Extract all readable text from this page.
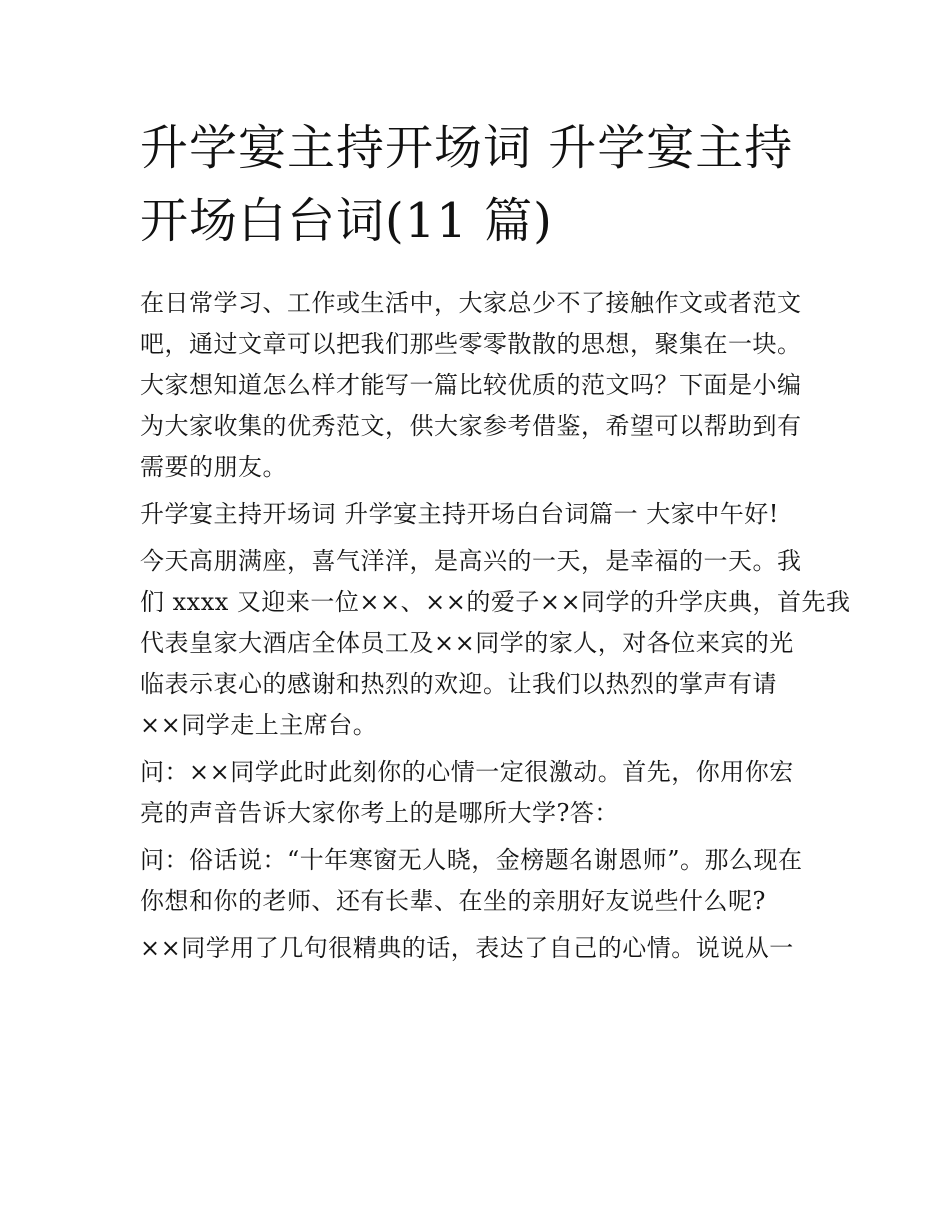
升学宴主持开场词 升学宴主持
开场白台词(11 篇)

在日常学习、工作或生活中，大家总少不了接触作文或者范文
吧，通过文章可以把我们那些零零散散的思想，聚集在一块。
大家想知道怎么样才能写一篇比较优质的范文吗？下面是小编
为大家收集的优秀范文，供大家参考借鉴，希望可以帮助到有
需要的朋友。

升学宴主持开场词 升学宴主持开场白台词篇一 大家中午好!

今天高朋满座，喜气洋洋，是高兴的一天，是幸福的一天。我
们 xxxx 又迎来一位××、××的爱子××同学的升学庆典，首先我
代表皇家大酒店全体员工及××同学的家人，对各位来宾的光
临表示衷心的感谢和热烈的欢迎。让我们以热烈的掌声有请
××同学走上主席台。

问：××同学此时此刻你的心情一定很激动。首先，你用你宏
亮的声音告诉大家你考上的是哪所大学?答：

问：俗话说：“十年寒窗无人晓，金榜题名谢恩师”。那么现在
你想和你的老师、还有长辈、在坐的亲朋好友说些什么呢?

××同学用了几句很精典的话，表达了自己的心情。说说从一
